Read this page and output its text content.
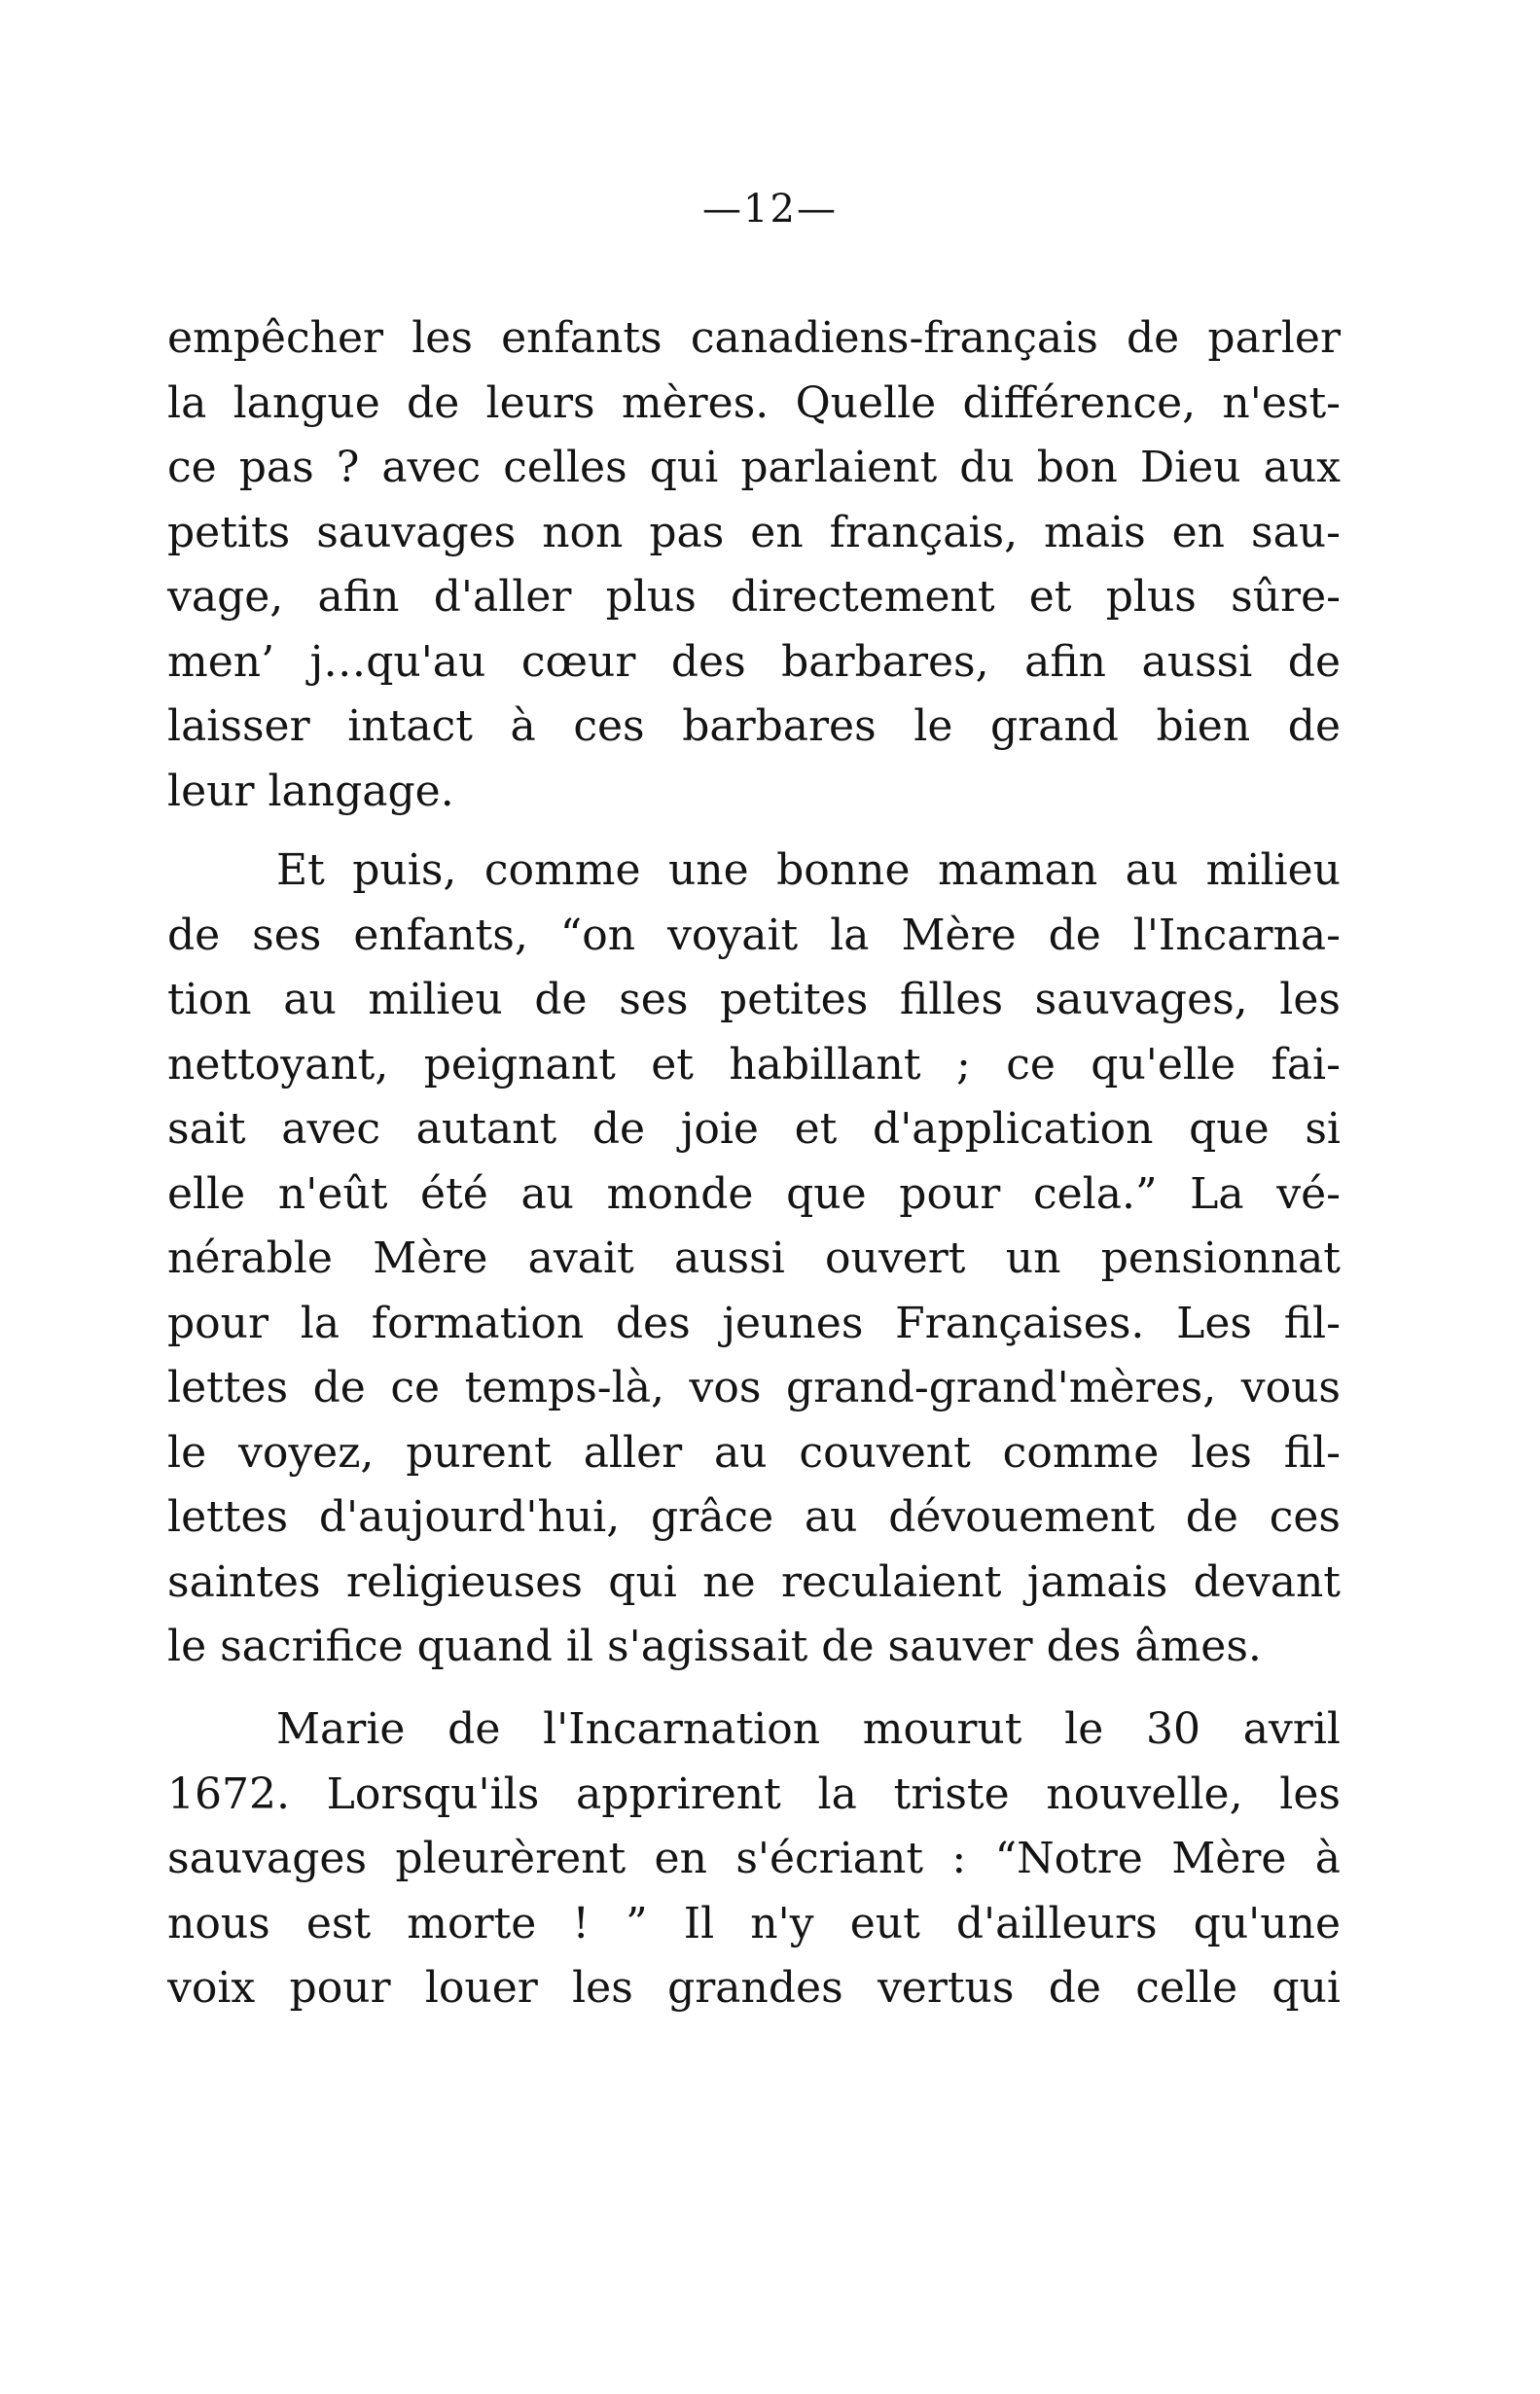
—12—
empêcher les enfants canadiens-français de parler
la langue de leurs mères. Quelle différence, n'est-
ce pas ? avec celles qui parlaient du bon Dieu aux
petits sauvages non pas en français, mais en sau-
vage, afin d'aller plus directement et plus sûre-
men’ j…qu'au cœur des barbares, afin aussi de
laisser intact à ces barbares le grand bien de
leur langage.
Et puis, comme une bonne maman au milieu
de ses enfants, “on voyait la Mère de l'Incarna-
tion au milieu de ses petites filles sauvages, les
nettoyant, peignant et habillant ; ce qu'elle fai-
sait avec autant de joie et d'application que si
elle n'eût été au monde que pour cela.” La vé-
nérable Mère avait aussi ouvert un pensionnat
pour la formation des jeunes Françaises. Les fil-
lettes de ce temps-là, vos grand-grand'mères, vous
le voyez, purent aller au couvent comme les fil-
lettes d'aujourd'hui, grâce au dévouement de ces
saintes religieuses qui ne reculaient jamais devant
le sacrifice quand il s'agissait de sauver des âmes.
Marie de l'Incarnation mourut le 30 avril
1672. Lorsqu'ils apprirent la triste nouvelle, les
sauvages pleurèrent en s'écriant : “Notre Mère à
nous est morte ! ” Il n'y eut d'ailleurs qu'une
voix pour louer les grandes vertus de celle qui
